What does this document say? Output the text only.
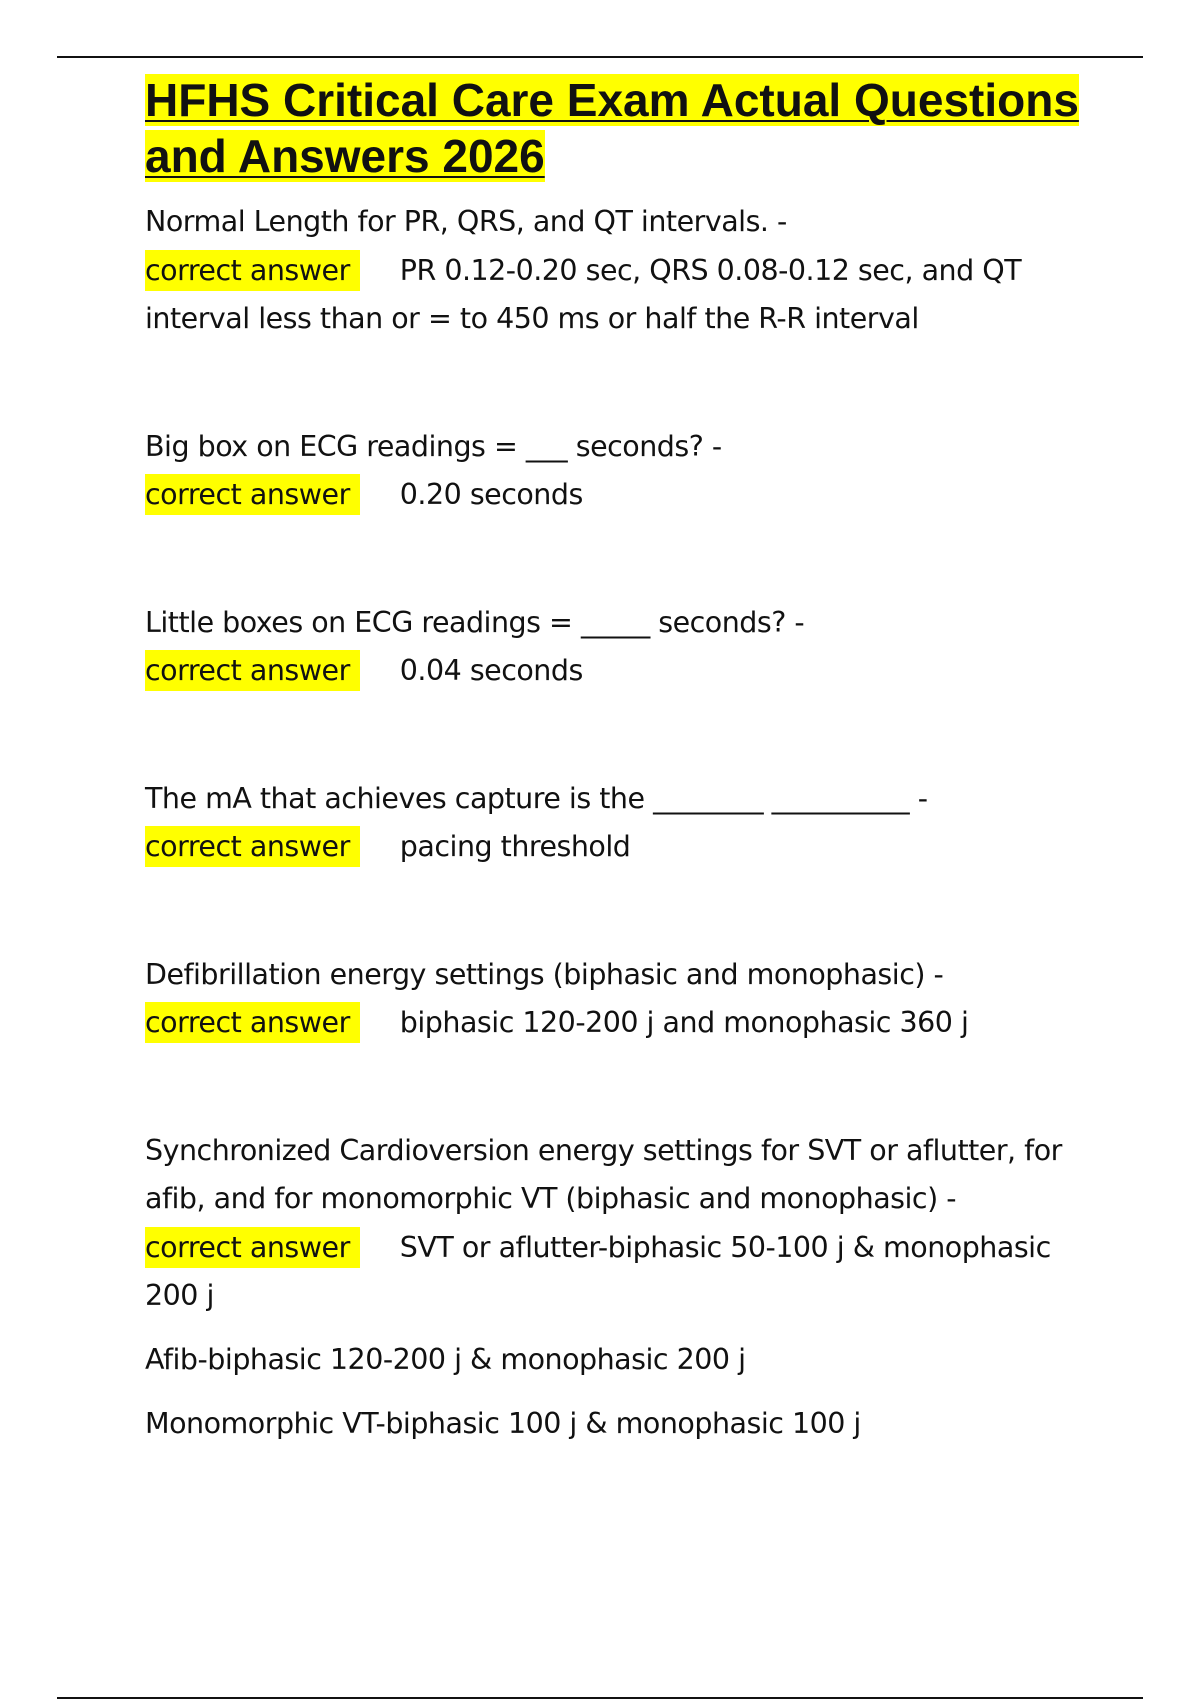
HFHS Critical Care Exam Actual Questions and Answers 2026
Normal Length for PR, QRS, and QT intervals. -
correct answer PR 0.12-0.20 sec, QRS 0.08-0.12 sec, and QT interval less than or = to 450 ms or half the R-R interval
Big box on ECG readings = ___ seconds? -
correct answer 0.20 seconds
Little boxes on ECG readings = _____ seconds? -
correct answer 0.04 seconds
The mA that achieves capture is the ________ __________ -
correct answer pacing threshold
Defibrillation energy settings (biphasic and monophasic) -
correct answer biphasic 120-200 j and monophasic 360 j
Synchronized Cardioversion energy settings for SVT or aflutter, for afib, and for monomorphic VT (biphasic and monophasic) -
correct answer SVT or aflutter-biphasic 50-100 j & monophasic 200 j
Afib-biphasic 120-200 j & monophasic 200 j
Monomorphic VT-biphasic 100 j & monophasic 100 j
